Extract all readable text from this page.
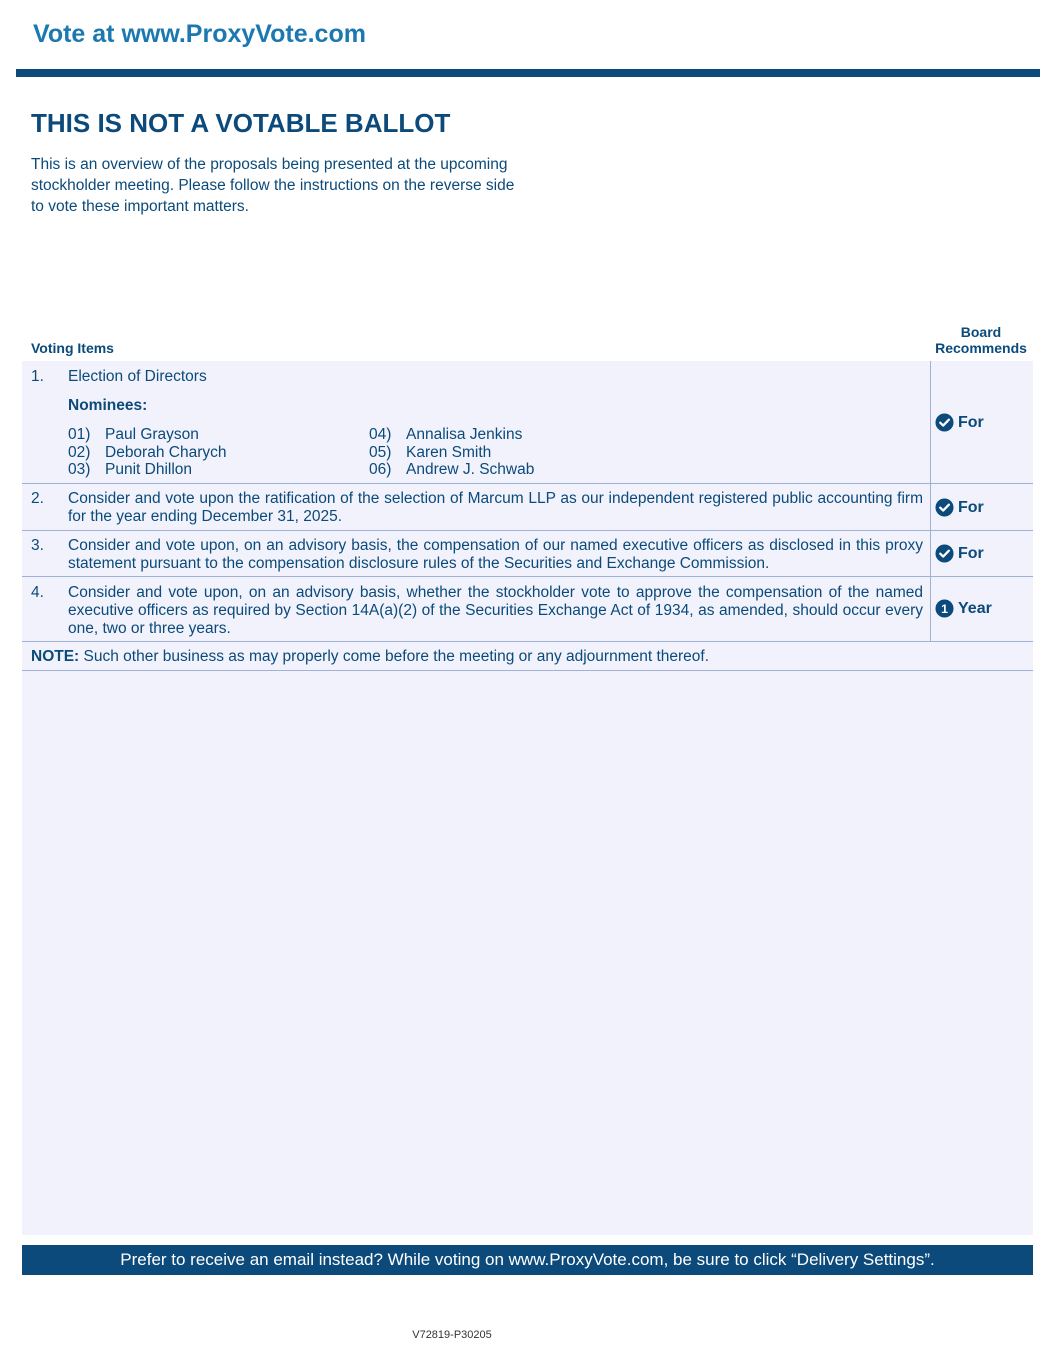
Vote at www.ProxyVote.com
THIS IS NOT A VOTABLE BALLOT
This is an overview of the proposals being presented at the upcoming stockholder meeting. Please follow the instructions on the reverse side to vote these important matters.
Voting Items
Board
Recommends
1. Election of Directors
Nominees:
01) Paul Grayson
02) Deborah Charych
03) Punit Dhillon
04) Annalisa Jenkins
05) Karen Smith
06) Andrew J. Schwab
For
2. Consider and vote upon the ratification of the selection of Marcum LLP as our independent registered public accounting firm for the year ending December 31, 2025.
For
3. Consider and vote upon, on an advisory basis, the compensation of our named executive officers as disclosed in this proxy statement pursuant to the compensation disclosure rules of the Securities and Exchange Commission.
For
4. Consider and vote upon, on an advisory basis, whether the stockholder vote to approve the compensation of the named executive officers as required by Section 14A(a)(2) of the Securities Exchange Act of 1934, as amended, should occur every one, two or three years.
1 Year
NOTE: Such other business as may properly come before the meeting or any adjournment thereof.
Prefer to receive an email instead? While voting on www.ProxyVote.com, be sure to click “Delivery Settings”.
V72819-P30205
